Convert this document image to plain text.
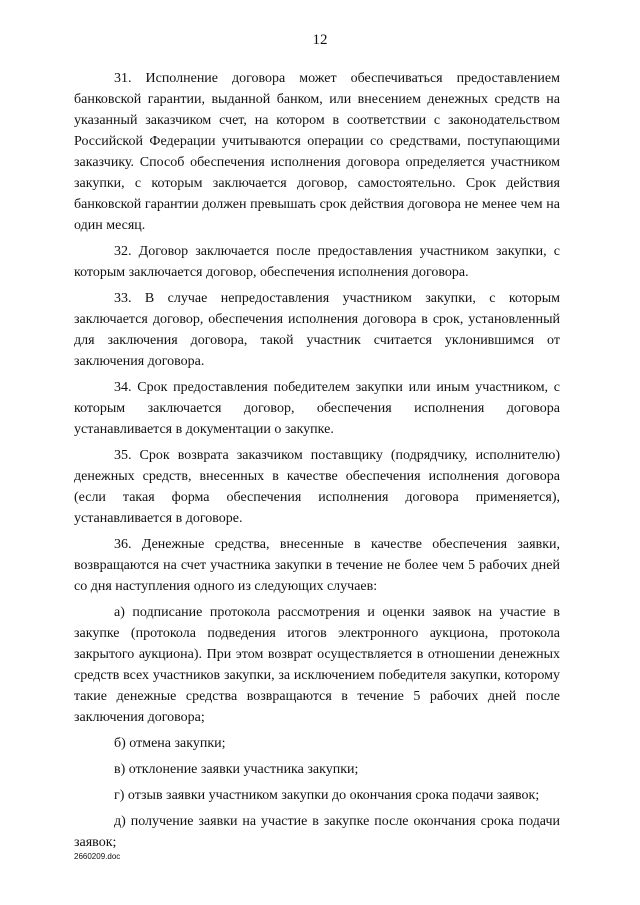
12

31. Исполнение договора может обеспечиваться предоставлением банковской гарантии, выданной банком, или внесением денежных средств на указанный заказчиком счет, на котором в соответствии с законодательством Российской Федерации учитываются операции со средствами, поступающими заказчику. Способ обеспечения исполнения договора определяется участником закупки, с которым заключается договор, самостоятельно. Срок действия банковской гарантии должен превышать срок действия договора не менее чем на один месяц.

32. Договор заключается после предоставления участником закупки, с которым заключается договор, обеспечения исполнения договора.

33. В случае непредоставления участником закупки, с которым заключается договор, обеспечения исполнения договора в срок, установленный для заключения договора, такой участник считается уклонившимся от заключения договора.

34. Срок предоставления победителем закупки или иным участником, с которым заключается договор, обеспечения исполнения договора устанавливается в документации о закупке.

35. Срок возврата заказчиком поставщику (подрядчику, исполнителю) денежных средств, внесенных в качестве обеспечения исполнения договора (если такая форма обеспечения исполнения договора применяется), устанавливается в договоре.

36. Денежные средства, внесенные в качестве обеспечения заявки, возвращаются на счет участника закупки в течение не более чем 5 рабочих дней со дня наступления одного из следующих случаев:

а) подписание протокола рассмотрения и оценки заявок на участие в закупке (протокола подведения итогов электронного аукциона, протокола закрытого аукциона). При этом возврат осуществляется в отношении денежных средств всех участников закупки, за исключением победителя закупки, которому такие денежные средства возвращаются в течение 5 рабочих дней после заключения договора;

б) отмена закупки;

в) отклонение заявки участника закупки;

г) отзыв заявки участником закупки до окончания срока подачи заявок;

д) получение заявки на участие в закупке после окончания срока подачи заявок;

2660209.doc
